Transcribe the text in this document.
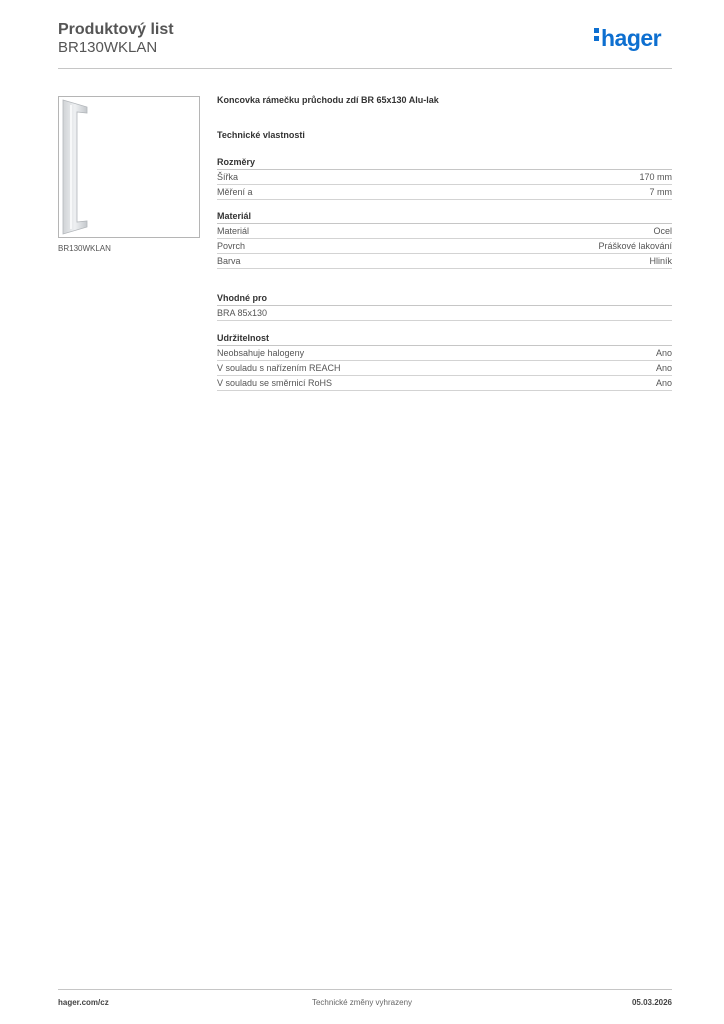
Produktový list
BR130WKLAN	hager
BR130WKLAN
Koncovka rámečku průchodu zdí BR 65x130 Alu-lak
Technické vlastnosti
Rozměry
Šířka	170 mm
Měření a	7 mm
Materiál
Materiál	Ocel
Povrch	Práškové lakování
Barva	Hliník
Vhodné pro
BRA 85x130
Udržitelnost
Neobsahuje halogeny	Ano
V souladu s nařízením REACH	Ano
V souladu se směrnicí RoHS	Ano
hager.com/cz	Technické změny vyhrazeny	05.03.2026
